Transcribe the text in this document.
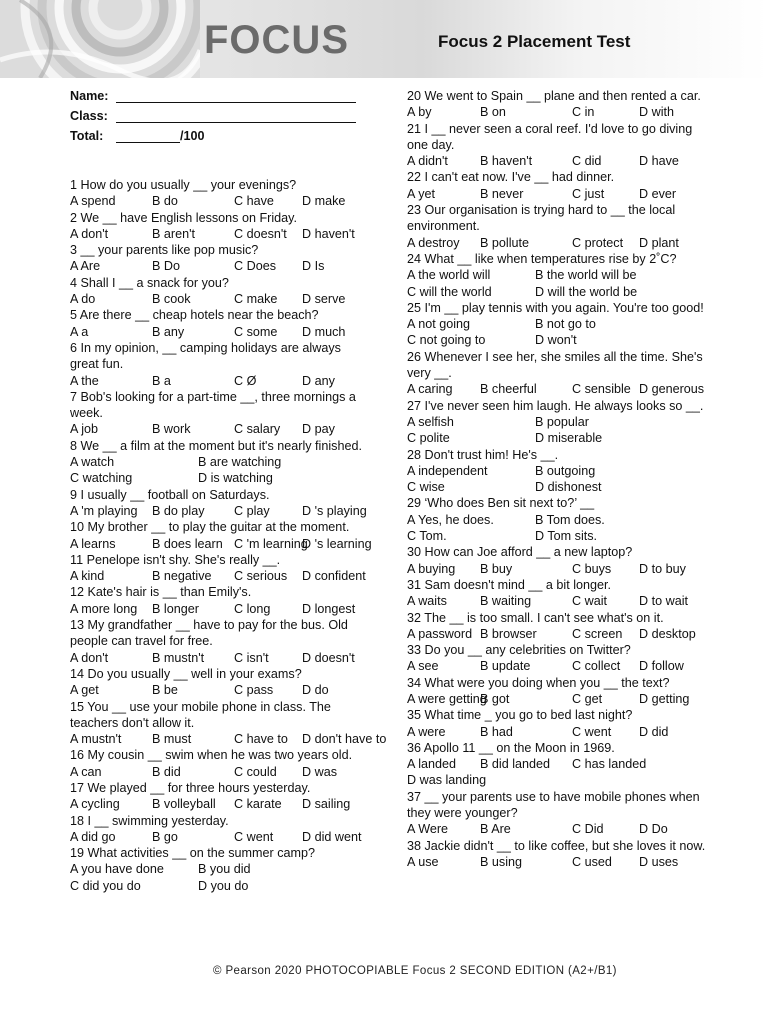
FOCUS	Focus 2 Placement Test
Name:
Class:
Total:	/100
1 How do you usually __ your evenings?
A spend	B do	C have D make
2 We __ have English lessons on Friday.
A don't	B aren't	C doesn't D haven't
3 __ your parents like pop music?
A Are	B Do	C Does D Is
4 Shall I __ a snack for you?
A do	B cook	C make D serve
5 Are there __ cheap hotels near the beach?
A a	B any	C some D much
6 In my opinion, __ camping holidays are always great fun.
A the	B a	C Ø	D any
7 Bob's looking for a part-time __, three mornings a week.
A job	B work	C salary D pay
8 We __ a film at the moment but it's nearly finished.
A watch	B are watching
C watching	D is watching
9 I usually __ football on Saturdays.
A 'm playing B do play C play	D 's playing
10 My brother __ to play the guitar at the moment.
A learns	B does learn C 'm learning
D 's learning
11 Penelope isn't shy. She's really __.
A kind	B negative C serious D confident
12 Kate's hair is __ than Emily's.
A more long B longer	C long	D longest
13 My grandfather __ have to pay for the bus. Old people can travel for free.
A don't	B mustn't C isn't	D doesn't
14 Do you usually __ well in your exams?
A get	B be	C pass D do
15 You __ use your mobile phone in class. The teachers don't allow it.
A mustn't B must	C have to D don't have to
16 My cousin __ swim when he was two years old.
A can	B did	C could D was
17 We played __ for three hours yesterday.
A cycling	B volleyball C karate D sailing
18 I __ swimming yesterday.
A did go	B go	C went D did went
19 What activities __ on the summer camp?
A you have done	B you did
C did you do	D you do
20 We went to Spain __ plane and then rented a car.
A by	B on	C in	D with
21 I __ never seen a coral reef. I'd love to go diving one day.
A didn't	B haven't	C did	D have
22 I can't eat now. I've __ had dinner.
A yet	B never	C just	D ever
23 Our organisation is trying hard to __ the local environment.
A destroy B pollute	C protect D plant
24 What __ like when temperatures rise by 2˚C?
A the world will	B the world will be
C will the world	D will the world be
25 I'm __ play tennis with you again. You're too good!
A not going	B not go to
C not going to	D won't
26 Whenever I see her, she smiles all the time. She's very __.
A caring B cheerful	C sensible D generous
27 I've never seen him laugh. He always looks so __.
A selfish	B popular
C polite	D miserable
28 Don't trust him! He's __.
A independent	B outgoing
C wise	D dishonest
29 ‘Who does Ben sit next to?’ __
A Yes, he does.	B Tom does.
C Tom.	D Tom sits.
30 How can Joe afford __ a new laptop?
A buying B buy	C buys D to buy
31 Sam doesn't mind __ a bit longer.
A waits	B waiting	C wait	D to wait
32 The __ is too small. I can't see what's on it.
A password B browser	C screen D desktop
33 Do you __ any celebrities on Twitter?
A see	B update	C collect D follow
34 What were you doing when you __ the text?
A were getting
B got	C get	D getting
35 What time _ you go to bed last night?
A were	B had	C went D did
36 Apollo 11 __ on the Moon in 1969.
A landed B did landed C has landed
D was landing
37 __ your parents use to have mobile phones when they were younger?
A Were	B Are	C Did	D Do
38 Jackie didn't __ to like coffee, but she loves it now.
A use	B using	C used D uses
© Pearson 2020 PHOTOCOPIABLE Focus 2 SECOND EDITION (A2+/B1)
